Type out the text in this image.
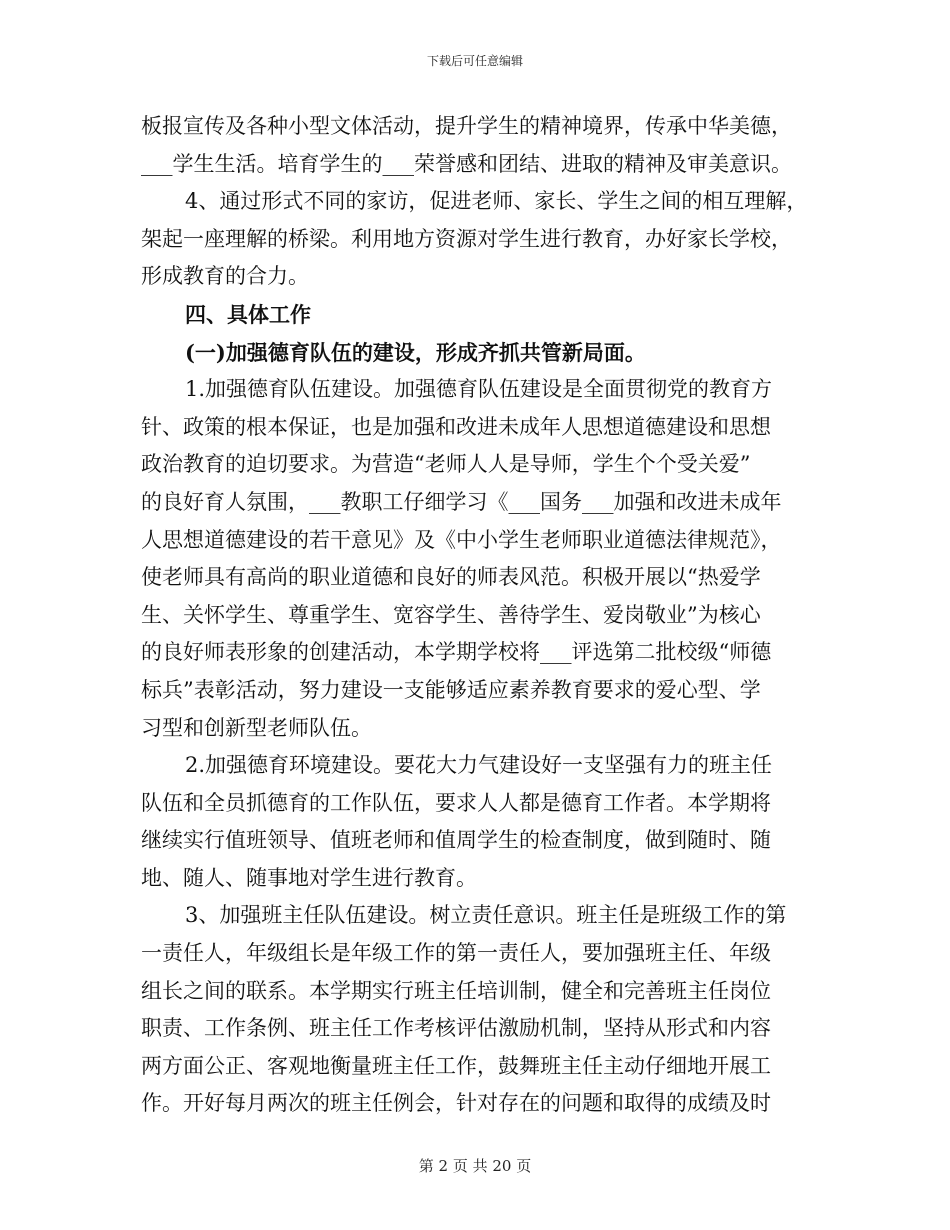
下载后可任意编辑
板报宣传及各种小型文体活动，提升学生的精神境界，传承中华美德，
___学生生活。培育学生的___荣誉感和团结、进取的精神及审美意识。
4、通过形式不同的家访，促进老师、家长、学生之间的相互理解，
架起一座理解的桥梁。利用地方资源对学生进行教育，办好家长学校，
形成教育的合力。
四、具体工作
(一)加强德育队伍的建设，形成齐抓共管新局面。
1.加强德育队伍建设。加强德育队伍建设是全面贯彻党的教育方
针、政策的根本保证，也是加强和改进未成年人思想道德建设和思想
政治教育的迫切要求。为营造“老师人人是导师，学生个个受关爱”
的良好育人氛围，___教职工仔细学习《___国务___加强和改进未成年
人思想道德建设的若干意见》及《中小学生老师职业道德法律规范》，
使老师具有高尚的职业道德和良好的师表风范。积极开展以“热爱学
生、关怀学生、尊重学生、宽容学生、善待学生、爱岗敬业”为核心
的良好师表形象的创建活动，本学期学校将___评选第二批校级“师德
标兵”表彰活动，努力建设一支能够适应素养教育要求的爱心型、学
习型和创新型老师队伍。
2.加强德育环境建设。要花大力气建设好一支坚强有力的班主任
队伍和全员抓德育的工作队伍，要求人人都是德育工作者。本学期将
继续实行值班领导、值班老师和值周学生的检查制度，做到随时、随
地、随人、随事地对学生进行教育。
3、加强班主任队伍建设。树立责任意识。班主任是班级工作的第
一责任人，年级组长是年级工作的第一责任人，要加强班主任、年级
组长之间的联系。本学期实行班主任培训制，健全和完善班主任岗位
职责、工作条例、班主任工作考核评估激励机制，坚持从形式和内容
两方面公正、客观地衡量班主任工作，鼓舞班主任主动仔细地开展工
作。开好每月两次的班主任例会，针对存在的问题和取得的成绩及时
第 2 页 共 20 页
